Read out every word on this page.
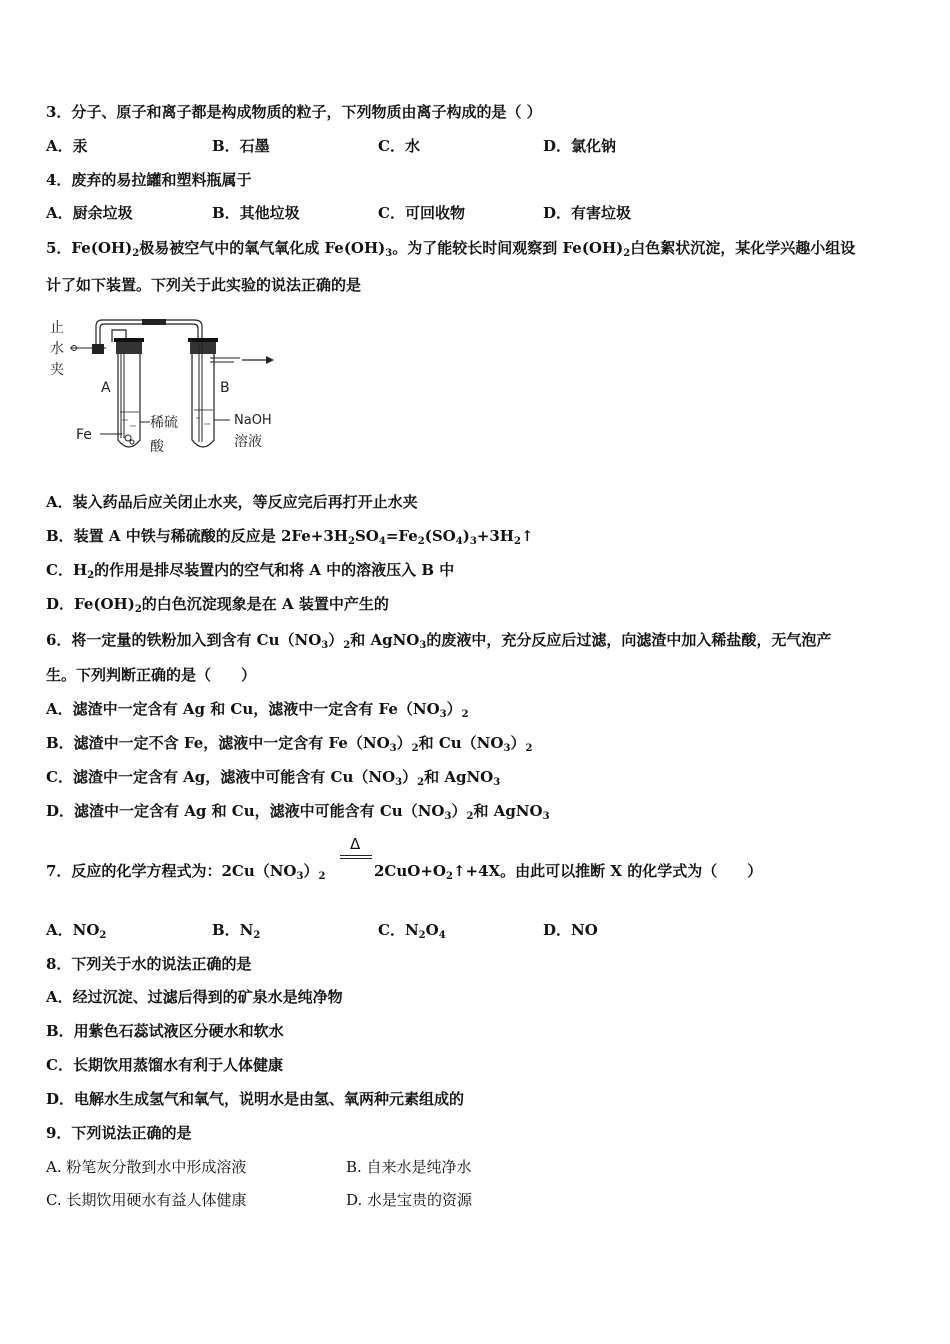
3．分子、原子和离子都是构成物质的粒子，下列物质由离子构成的是（ ）
A．汞	B．石墨	C．水	D．氯化钠
4．废弃的易拉罐和塑料瓶属于
A．厨余垃圾	B．其他垃圾	C．可回收物	D．有害垃圾
5．$Fe(OH)_2$极易被空气中的氧气氧化成 $Fe(OH)_3$。为了能较长时间观察到 $Fe(OH)_2$白色絮状沉淀，某化学兴趣小组设
计了如下装置。下列关于此实验的说法正确的是
止
水
夹
A
Fe
稀硫
酸
B
NaOH
溶液
A．装入药品后应关闭止水夹，等反应完后再打开止水夹
B．装置 A 中铁与稀硫酸的反应是 $2Fe+3H_2SO_4=Fe_2(SO_4)_3+3H_2↑$
C．$H_2$的作用是排尽装置内的空气和将 A 中的溶液压入 B 中
D．$Fe(OH)_2$的白色沉淀现象是在 A 装置中产生的
6．将一定量的铁粉加入到含有 $Cu(NO_3)_2$和 AgNO$_3$的废液中，充分反应后过滤，向滤渣中加入稀盐酸，无气泡产
生。下列判断正确的是（　　）
A．滤渣中一定含有 Ag 和 Cu，滤液中一定含有 $Fe(NO_3)_2$
B．滤渣中一定不含 Fe，滤液中一定含有 $Fe(NO_3)_2$和 $Cu(NO_3)_2$
C．滤渣中一定含有 Ag，滤液中可能含有 $Cu(NO_3)_2$和 AgNO$_3$
D．滤渣中一定含有 Ag 和 Cu，滤液中可能含有 $Cu(NO_3)_2$和 AgNO$_3$
7．反应的化学方程式为：$2Cu(NO_3)_2$
Δ
$2CuO+O_2↑+4X$。由此可以推断 X 的化学式为（　　）
A．$NO_2$	B．$N_2$	C．$N_2O_4$	D．NO
8．下列关于水的说法正确的是
A．经过沉淀、过滤后得到的矿泉水是纯净物
B．用紫色石蕊试液区分硬水和软水
C．长期饮用蒸馏水有利于人体健康
D．电解水生成氢气和氧气，说明水是由氢、氧两种元素组成的
9．下列说法正确的是
A. 粉笔灰分散到水中形成溶液	B. 自来水是纯净水
C. 长期饮用硬水有益人体健康	D. 水是宝贵的资源
